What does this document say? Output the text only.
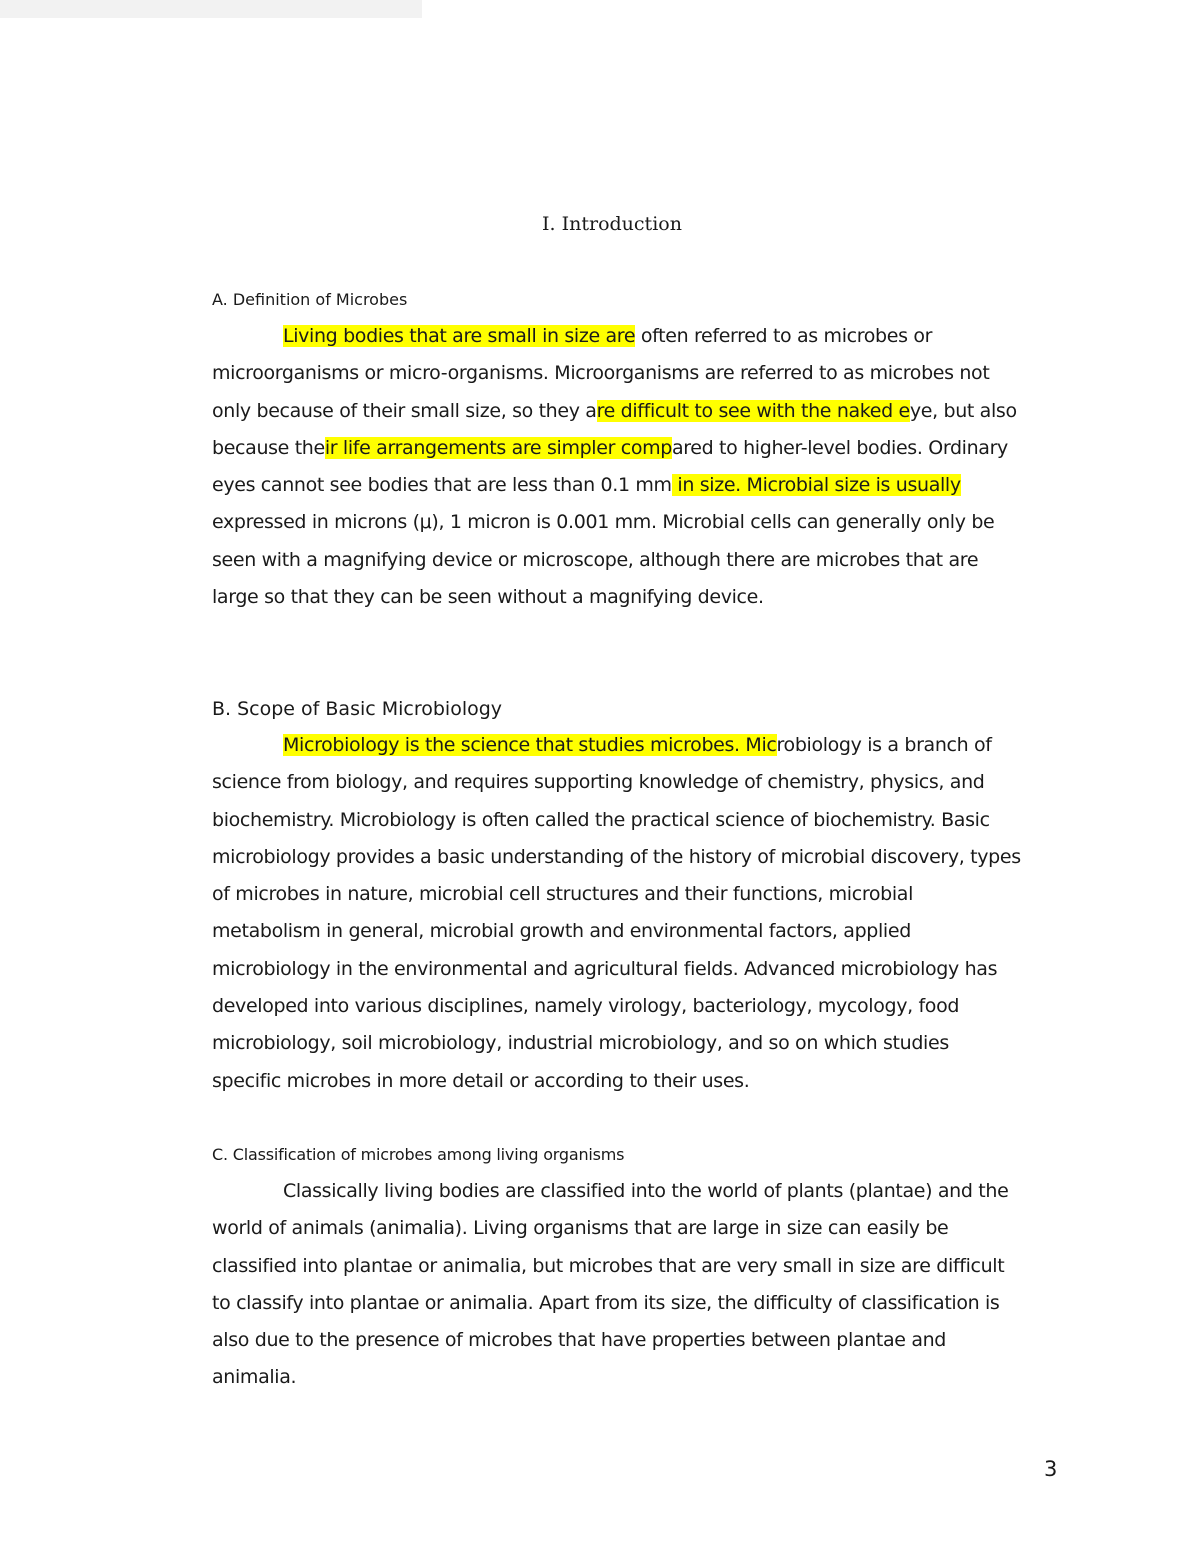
I. Introduction
A. Definition of Microbes
Living bodies that are small in size are often referred to as microbes or
microorganisms or micro-organisms. Microorganisms are referred to as microbes not
only because of their small size, so they are difficult to see with the naked eye, but also
because their life arrangements are simpler compared to higher-level bodies. Ordinary
eyes cannot see bodies that are less than 0.1 mm in size. Microbial size is usually
expressed in microns (μ), 1 micron is 0.001 mm. Microbial cells can generally only be
seen with a magnifying device or microscope, although there are microbes that are
large so that they can be seen without a magnifying device.
B. Scope of Basic Microbiology
Microbiology is the science that studies microbes. Microbiology is a branch of
science from biology, and requires supporting knowledge of chemistry, physics, and
biochemistry. Microbiology is often called the practical science of biochemistry. Basic
microbiology provides a basic understanding of the history of microbial discovery, types
of microbes in nature, microbial cell structures and their functions, microbial
metabolism in general, microbial growth and environmental factors, applied
microbiology in the environmental and agricultural fields. Advanced microbiology has
developed into various disciplines, namely virology, bacteriology, mycology, food
microbiology, soil microbiology, industrial microbiology, and so on which studies
specific microbes in more detail or according to their uses.
C. Classification of microbes among living organisms
Classically living bodies are classified into the world of plants (plantae) and the
world of animals (animalia). Living organisms that are large in size can easily be
classified into plantae or animalia, but microbes that are very small in size are difficult
to classify into plantae or animalia. Apart from its size, the difficulty of classification is
also due to the presence of microbes that have properties between plantae and
animalia.
3
